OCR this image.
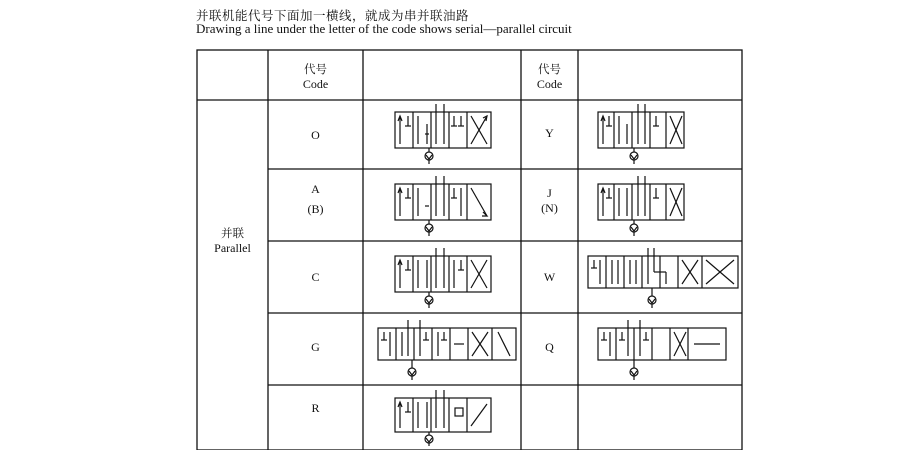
并联机能代号下面加一横线，就成为串并联油路
Drawing a line under the letter of the code shows serial—parallel circuit
代号
Code
代号
Code
并联
Parallel
O
A
(B)
C
G
R
Y
J
(N)
W
Q
